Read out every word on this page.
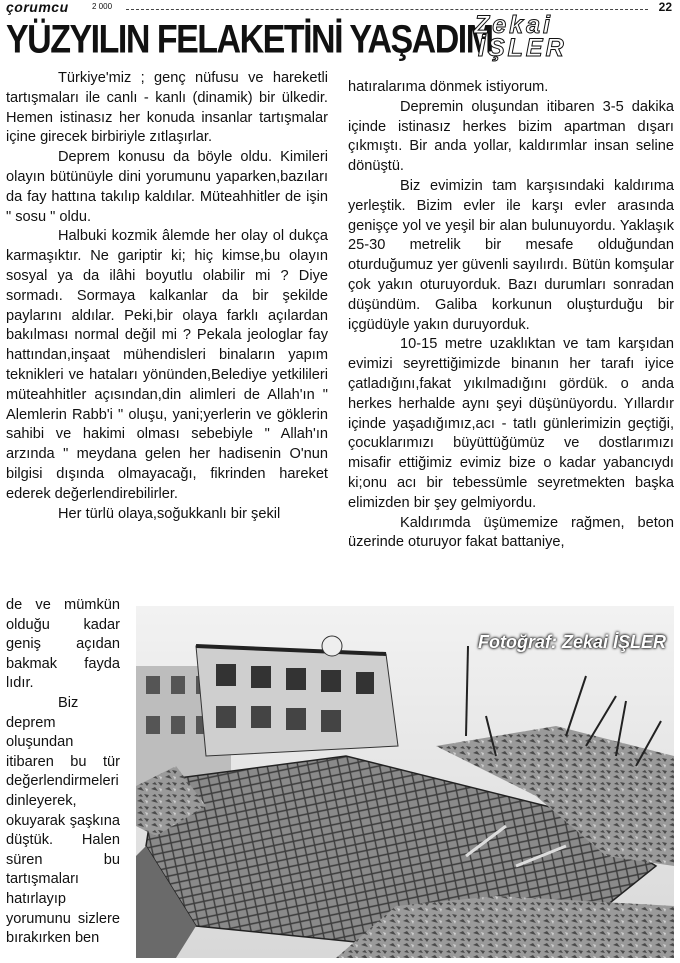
çorumcu	2 000	22
YÜZYILIN FELAKETİNİ YAŞADIM
Zekai
İŞLER

Türkiye'miz ; genç nüfusu ve hareketli tartışmaları ile canlı - kanlı (dinamik) bir ülkedir. Hemen istinasız her konuda insanlar tartışmalar içine girecek birbiriyle zıtlaşırlar.

Deprem konusu da böyle oldu. Kimileri olayın bütünüyle dini yorumunu yaparken,bazıları da fay hattına takılıp kaldılar. Müteahhitler de işin " sosu " oldu.

Halbuki kozmik âlemde her olay ol dukça karmaşıktır. Ne gariptir ki; hiç kimse,bu olayın sosyal ya da ilâhi boyutlu olabilir mi ? Diye sormadı. Sormaya kalkanlar da bir şekilde paylarını aldılar. Peki,bir olaya farklı açılardan bakılması normal değil mi ? Pekala jeologlar fay hattından,inşaat mühendisleri binaların yapım teknikleri ve hataları yönünden,Belediye yetkilileri müteahhitler açısından,din alimleri de Allah'ın " Alemlerin Rabb'i " oluşu, yani;yerlerin ve göklerin sahibi ve hakimi olması sebebiyle " Allah'ın arzında " meydana gelen her hadisenin O'nun bilgisi dışında olmayacağı, fikrinden hareket ederek değerlendirebilirler.

Her türlü olaya,soğukkanlı bir şekil

de ve mümkün olduğu kadar geniş açıdan bakmak fayda lıdır.

Biz deprem oluşundan itibaren bu tür değerlendirmeleri dinleyerek, okuyarak şaşkına düştük. Halen süren bu tartışmaları hatırlayıp yorumunu sizlere bırakırken ben

hatıralarıma dönmek istiyorum.

Depremin oluşundan itibaren 3-5 dakika içinde istinasız herkes bizim apartman dışarı çıkmıştı. Bir anda yollar, kaldırımlar insan seline dönüştü.

Biz evimizin tam karşısındaki kaldırıma yerleştik. Bizim evler ile karşı evler arasında genişçe yol ve yeşil bir alan bulunuyordu. Yaklaşık 25-30 metrelik bir mesafe olduğundan oturduğumuz yer güvenli sayılırdı. Bütün komşular çok yakın oturuyorduk. Bazı durumları sonradan düşündüm. Galiba korkunun oluşturduğu bir içgüdüyle yakın duruyorduk.

10-15 metre uzaklıktan ve tam karşıdan evimizi seyrettiğimizde binanın her tarafı iyice çatladığını,fakat yıkılmadığını gördük. o anda herkes herhalde aynı şeyi düşünüyordu. Yıllardır içinde yaşadığımız,acı - tatlı günlerimizin geçtiği, çocuklarımızı büyüttüğümüz ve dostlarımızı misafir ettiğimiz evimiz bize o kadar yabancıydı ki;onu acı bir tebessümle seyretmekten başka elimizden bir şey gelmiyordu.

Kaldırımda üşümemize rağmen, beton üzerinde oturuyor fakat battaniye,

Fotoğraf: Zekai İŞLER
